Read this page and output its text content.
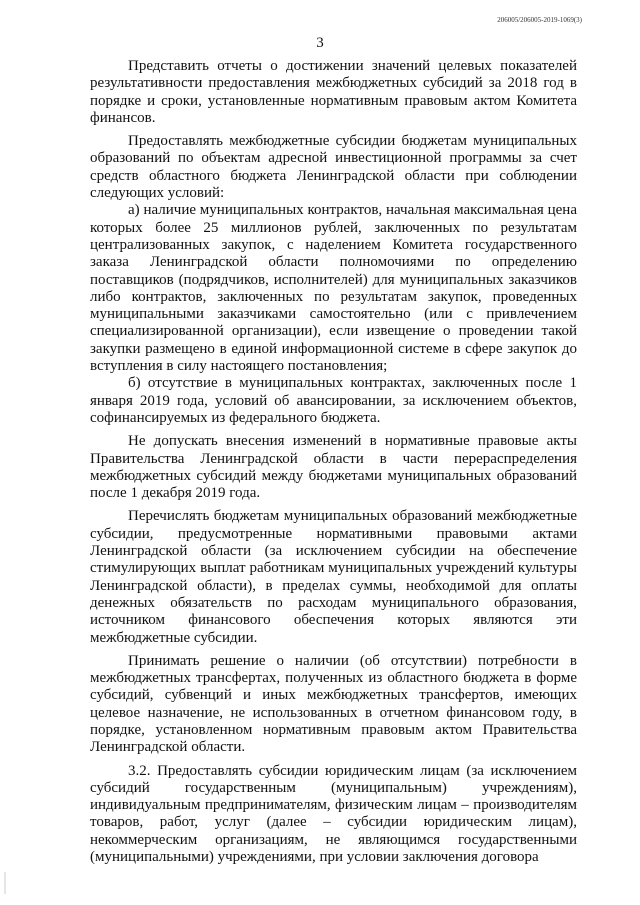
206005/206005-2019-1069(3)
3

Представить отчеты о достижении значений целевых показателей результативности предоставления межбюджетных субсидий за 2018 год в порядке и сроки, установленные нормативным правовым актом Комитета финансов.

Предоставлять межбюджетные субсидии бюджетам муниципальных образований по объектам адресной инвестиционной программы за счет средств областного бюджета Ленинградской области при соблюдении следующих условий:

а) наличие муниципальных контрактов, начальная максимальная цена которых более 25 миллионов рублей, заключенных по результатам централизованных закупок, с наделением Комитета государственного заказа Ленинградской области полномочиями по определению поставщиков (подрядчиков, исполнителей) для муниципальных заказчиков либо контрактов, заключенных по результатам закупок, проведенных муниципальными заказчиками самостоятельно (или с привлечением специализированной организации), если извещение о проведении такой закупки размещено в единой информационной системе в сфере закупок до вступления в силу настоящего постановления;

б) отсутствие в муниципальных контрактах, заключенных после 1 января 2019 года, условий об авансировании, за исключением объектов, софинансируемых из федерального бюджета.

Не допускать внесения изменений в нормативные правовые акты Правительства Ленинградской области в части перераспределения межбюджетных субсидий между бюджетами муниципальных образований после 1 декабря 2019 года.

Перечислять бюджетам муниципальных образований межбюджетные субсидии, предусмотренные нормативными правовыми актами Ленинградской области (за исключением субсидии на обеспечение стимулирующих выплат работникам муниципальных учреждений культуры Ленинградской области), в пределах суммы, необходимой для оплаты денежных обязательств по расходам муниципального образования, источником финансового обеспечения которых являются эти межбюджетные субсидии.

Принимать решение о наличии (об отсутствии) потребности в межбюджетных трансфертах, полученных из областного бюджета в форме субсидий, субвенций и иных межбюджетных трансфертов, имеющих целевое назначение, не использованных в отчетном финансовом году, в порядке, установленном нормативным правовым актом Правительства Ленинградской области.

3.2. Предоставлять субсидии юридическим лицам (за исключением субсидий государственным (муниципальным) учреждениям), индивидуальным предпринимателям, физическим лицам – производителям товаров, работ, услуг (далее – субсидии юридическим лицам), некоммерческим организациям, не являющимся государственными (муниципальными) учреждениями, при условии заключения договора
